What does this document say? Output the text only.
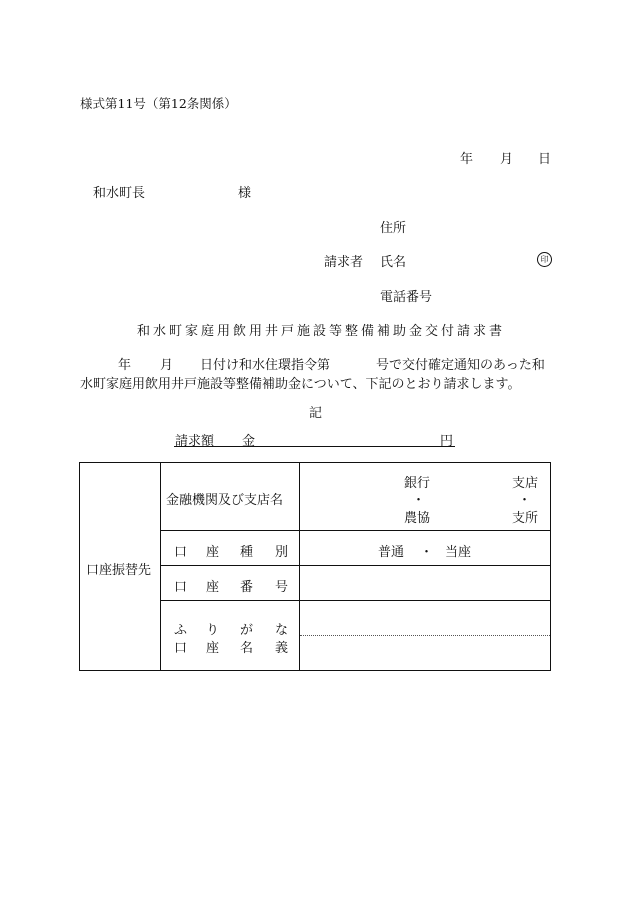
様式第11号（第12条関係）
年 月 日
和水町長	様
住所
請求者 氏名	印
電話番号
和水町家庭用飲用井戸施設等整備補助金交付請求書
年 月 日付け和水住環指令第	号で交付確定通知のあった和
水町家庭用飲用井戸施設等整備補助金について、下記のとおり請求します。
記
請求額 金	円
口座振替先
金融機関及び支店名
銀行	支店
・	・
農協	支所
口 座 種 別	普通 ・ 当座
口 座 番 号
ふ り が な
口 座 名 義
